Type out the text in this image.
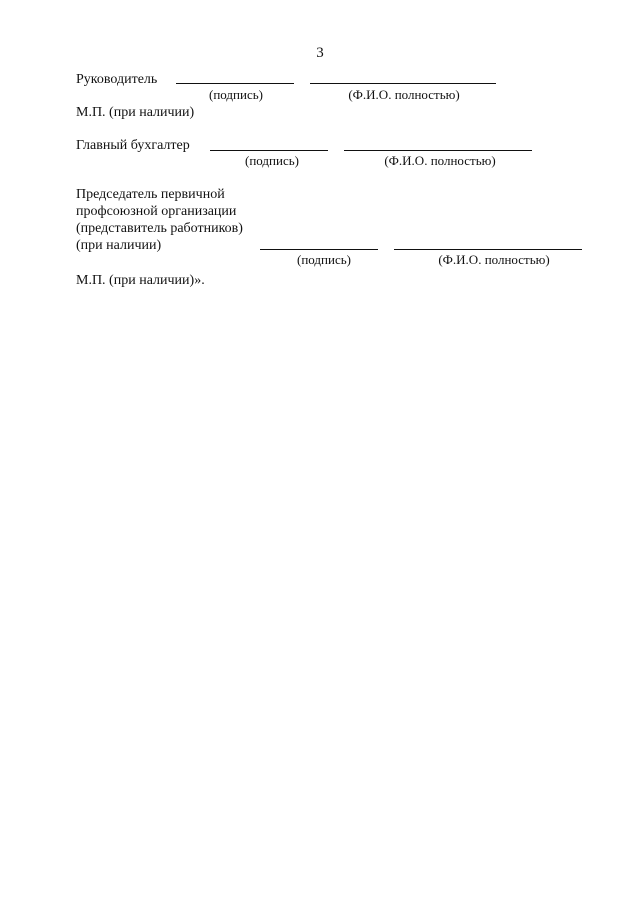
3
Руководитель
(подпись)	(Ф.И.О. полностью)
М.П. (при наличии)
Главный бухгалтер
(подпись)	(Ф.И.О. полностью)
Председатель первичной
профсоюзной организации
(представитель работников)
(при наличии)
(подпись)	(Ф.И.О. полностью)
М.П. (при наличии)».
